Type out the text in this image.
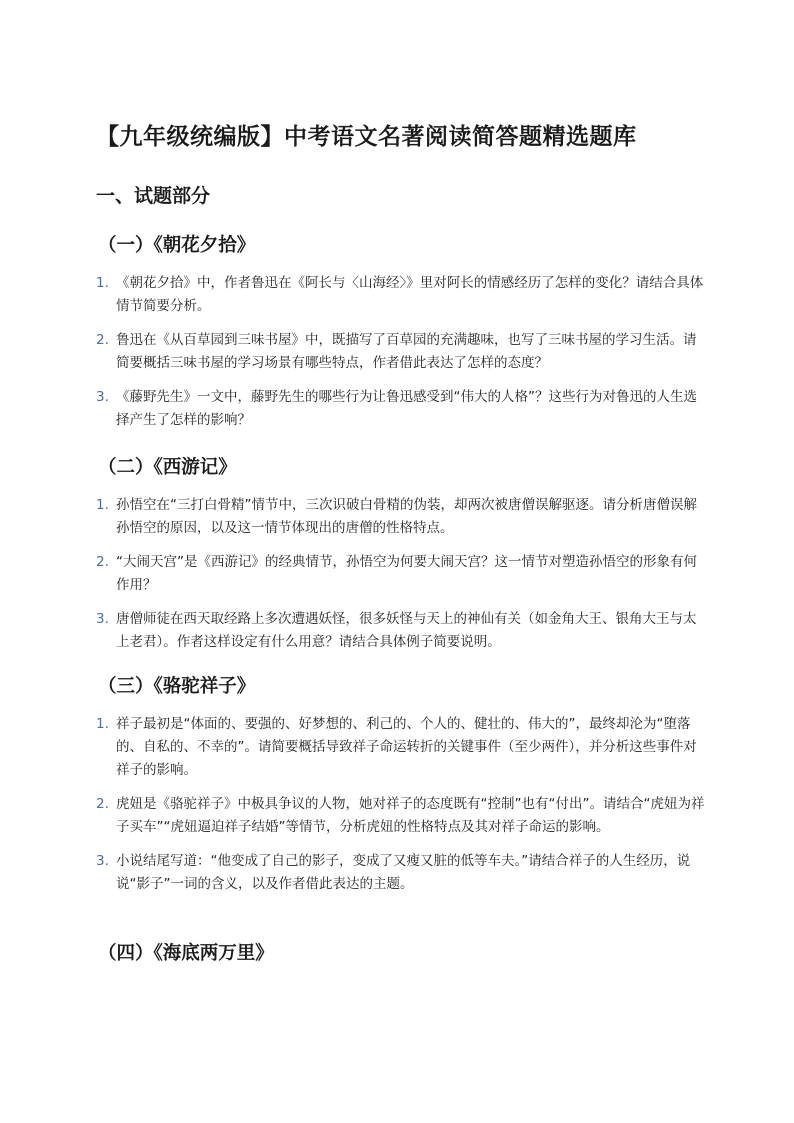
【九年级统编版】中考语文名著阅读简答题精选题库
一、试题部分
（一）《朝花夕拾》
1. 《朝花夕拾》中，作者鲁迅在《阿长与〈山海经〉》里对阿长的情感经历了怎样的变化？请结合具体情节简要分析。
2. 鲁迅在《从百草园到三味书屋》中，既描写了百草园的充满趣味，也写了三味书屋的学习生活。请简要概括三味书屋的学习场景有哪些特点，作者借此表达了怎样的态度？
3. 《藤野先生》一文中，藤野先生的哪些行为让鲁迅感受到“伟大的人格”？这些行为对鲁迅的人生选择产生了怎样的影响？
（二）《西游记》
1. 孙悟空在“三打白骨精”情节中，三次识破白骨精的伪装，却两次被唐僧误解驱逐。请分析唐僧误解孙悟空的原因，以及这一情节体现出的唐僧的性格特点。
2. “大闹天宫”是《西游记》的经典情节，孙悟空为何要大闹天宫？这一情节对塑造孙悟空的形象有何作用？
3. 唐僧师徒在西天取经路上多次遭遇妖怪，很多妖怪与天上的神仙有关（如金角大王、银角大王与太上老君）。作者这样设定有什么用意？请结合具体例子简要说明。
（三）《骆驼祥子》
1. 祥子最初是“体面的、要强的、好梦想的、利己的、个人的、健壮的、伟大的”，最终却沦为“堕落的、自私的、不幸的”。请简要概括导致祥子命运转折的关键事件（至少两件），并分析这些事件对祥子的影响。
2. 虎妞是《骆驼祥子》中极具争议的人物，她对祥子的态度既有“控制”也有“付出”。请结合“虎妞为祥子买车”“虎妞逼迫祥子结婚”等情节，分析虎妞的性格特点及其对祥子命运的影响。
3. 小说结尾写道：“他变成了自己的影子，变成了又瘦又脏的低等车夫。”请结合祥子的人生经历，说说“影子”一词的含义，以及作者借此表达的主题。
（四）《海底两万里》
